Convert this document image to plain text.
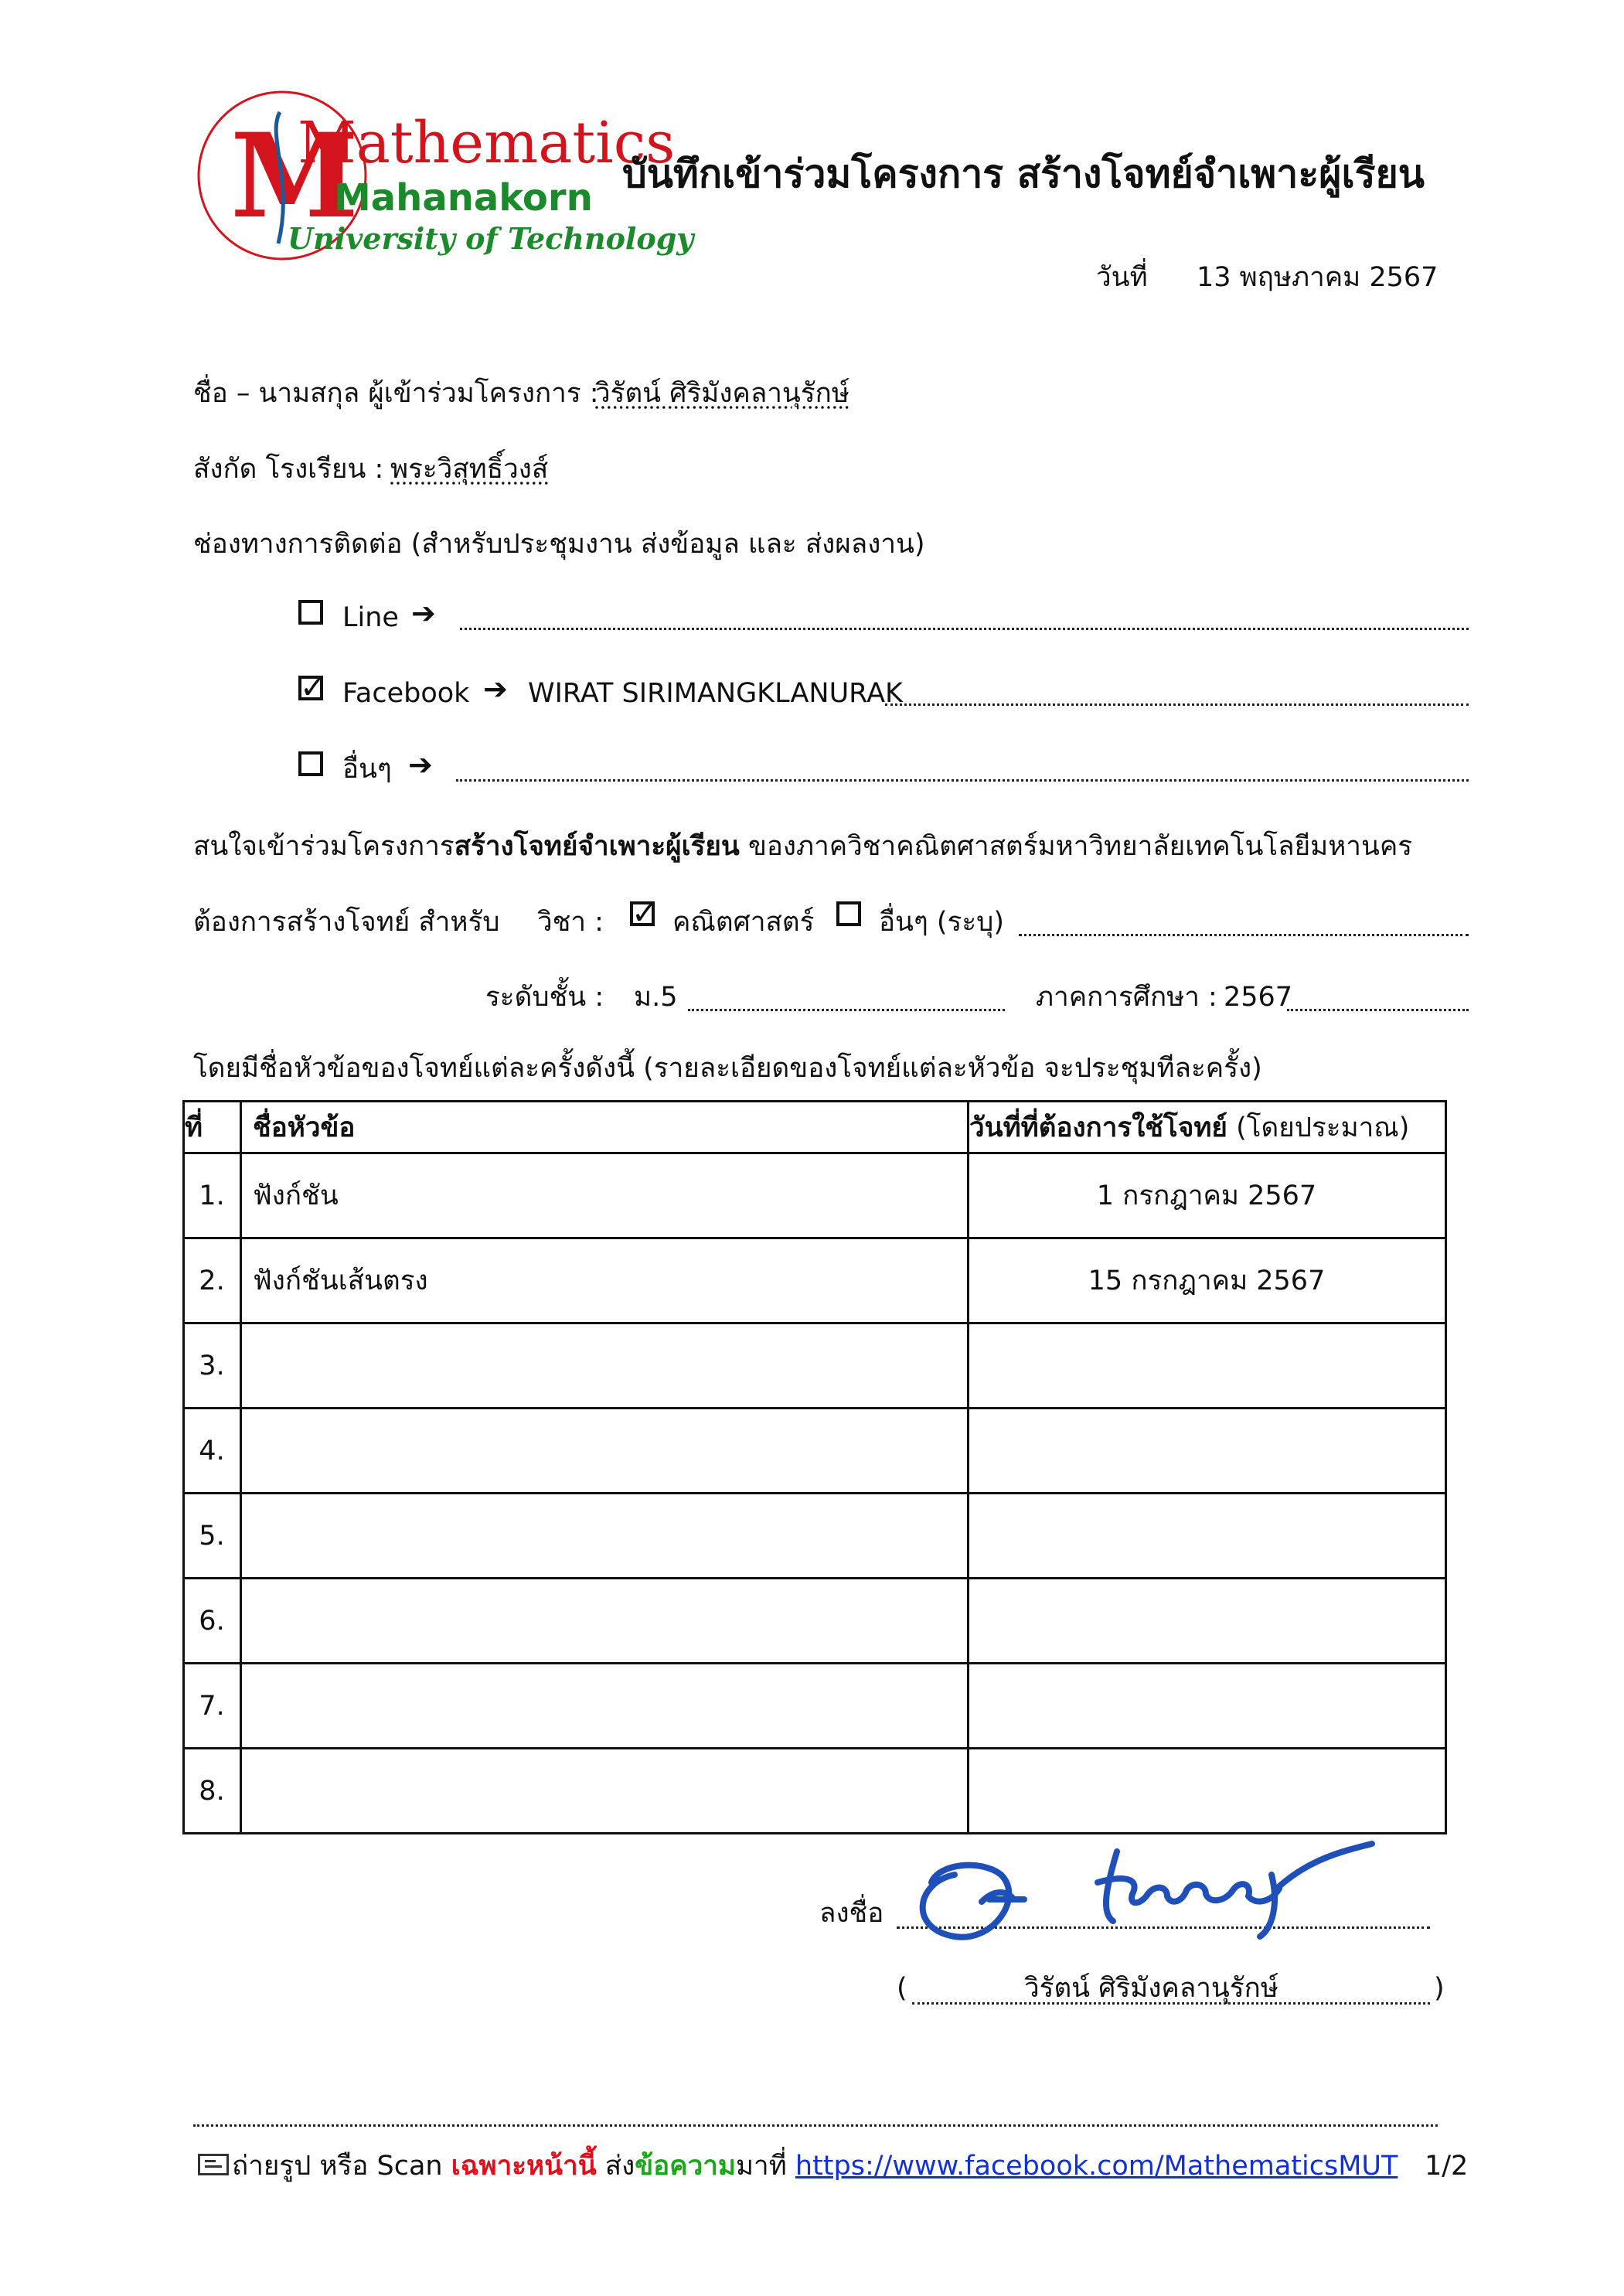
M
Mathematics
Mahanakorn
University of Technology
บันทึกเข้าร่วมโครงการ สร้างโจทย์จำเพาะผู้เรียน
วันที่ 13 พฤษภาคม 2567
ชื่อ – นามสกุล ผู้เข้าร่วมโครงการ :
วิรัตน์ ศิริมังคลานุรักษ์
สังกัด โรงเรียน : พระวิสุทธิ์วงส์
ช่องทางการติดต่อ (สำหรับประชุมงาน ส่งข้อมูล และ ส่งผลงาน)
Line ➔
✓ Facebook ➔ WIRAT SIRIMANGKLANURAK
อื่นๆ ➔
สนใจเข้าร่วมโครงการสร้างโจทย์จำเพาะผู้เรียน ของภาควิชาคณิตศาสตร์มหาวิทยาลัยเทคโนโลยีมหานคร
ต้องการสร้างโจทย์ สำหรับ วิชา : ✓ คณิตศาสตร์ อื่นๆ (ระบุ)
ระดับชั้น : ม.5	ภาคการศึกษา : 2567
โดยมีชื่อหัวข้อของโจทย์แต่ละครั้งดังนี้ (รายละเอียดของโจทย์แต่ละหัวข้อ จะประชุมทีละครั้ง)
ที่	ชื่อหัวข้อ	วันที่ที่ต้องการใช้โจทย์ (โดยประมาณ)
1.	ฟังก์ชัน	1 กรกฎาคม 2567
2.	ฟังก์ชันเส้นตรง	15 กรกฎาคม 2567
3.		
4.		
5.		
6.		
7.		
8.		
ลงชื่อ
(	วิรัตน์ ศิริมังคลานุรักษ์	)
ถ่ายรูป หรือ Scan เฉพาะหน้านี้ ส่งข้อความมาที่ https://www.facebook.com/MathematicsMUT 1/2
